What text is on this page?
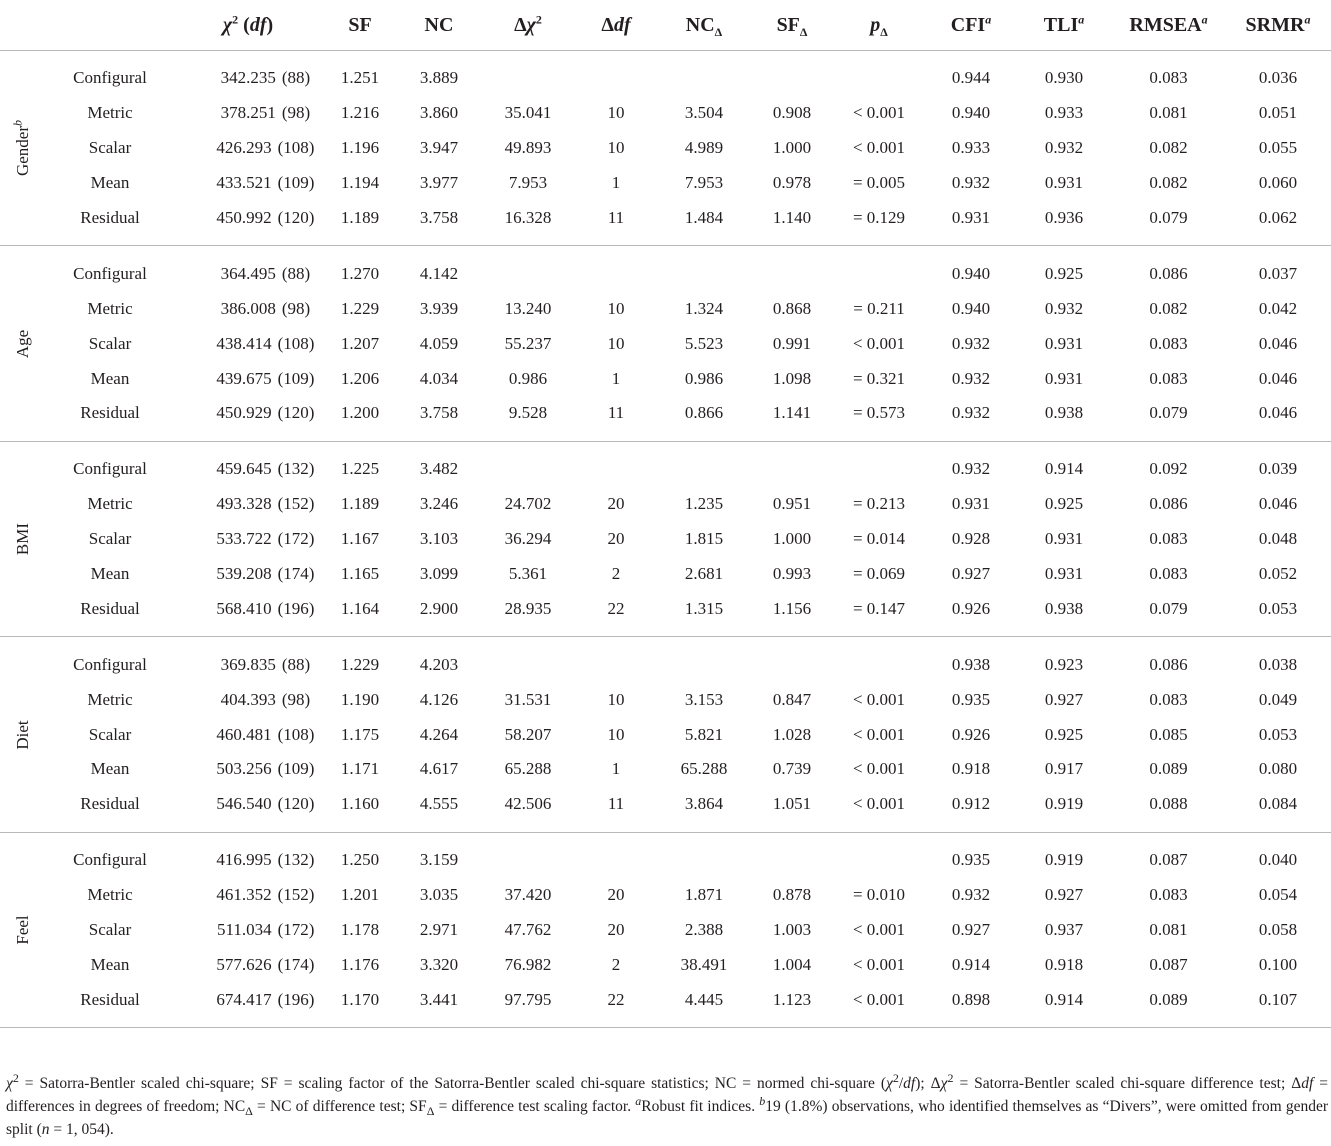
		$\chi^2$ (df)	SF	NC	$\Delta\chi^2$	Δdf	$NC_\Delta$	$SF_\Delta$	$p_\Delta$	CFI$^a$	TLI$^a$	RMSEA$^a$	SRMR$^a$

Gender$^b$	Configural	342.235 (88)	1.251	3.889						0.944	0.930	0.083	0.036
	Metric	378.251 (98)	1.216	3.860	35.041	10	3.504	0.908	< 0.001	0.940	0.933	0.081	0.051
	Scalar	426.293 (108)	1.196	3.947	49.893	10	4.989	1.000	< 0.001	0.933	0.932	0.082	0.055
	Mean	433.521 (109)	1.194	3.977	7.953	1	7.953	0.978	= 0.005	0.932	0.931	0.082	0.060
	Residual	450.992 (120)	1.189	3.758	16.328	11	1.484	1.140	= 0.129	0.931	0.936	0.079	0.062

Age	Configural	364.495 (88)	1.270	4.142						0.940	0.925	0.086	0.037
	Metric	386.008 (98)	1.229	3.939	13.240	10	1.324	0.868	= 0.211	0.940	0.932	0.082	0.042
	Scalar	438.414 (108)	1.207	4.059	55.237	10	5.523	0.991	< 0.001	0.932	0.931	0.083	0.046
	Mean	439.675 (109)	1.206	4.034	0.986	1	0.986	1.098	= 0.321	0.932	0.931	0.083	0.046
	Residual	450.929 (120)	1.200	3.758	9.528	11	0.866	1.141	= 0.573	0.932	0.938	0.079	0.046

BMI	Configural	459.645 (132)	1.225	3.482						0.932	0.914	0.092	0.039
	Metric	493.328 (152)	1.189	3.246	24.702	20	1.235	0.951	= 0.213	0.931	0.925	0.086	0.046
	Scalar	533.722 (172)	1.167	3.103	36.294	20	1.815	1.000	= 0.014	0.928	0.931	0.083	0.048
	Mean	539.208 (174)	1.165	3.099	5.361	2	2.681	0.993	= 0.069	0.927	0.931	0.083	0.052
	Residual	568.410 (196)	1.164	2.900	28.935	22	1.315	1.156	= 0.147	0.926	0.938	0.079	0.053

Diet	Configural	369.835 (88)	1.229	4.203						0.938	0.923	0.086	0.038
	Metric	404.393 (98)	1.190	4.126	31.531	10	3.153	0.847	< 0.001	0.935	0.927	0.083	0.049
	Scalar	460.481 (108)	1.175	4.264	58.207	10	5.821	1.028	< 0.001	0.926	0.925	0.085	0.053
	Mean	503.256 (109)	1.171	4.617	65.288	1	65.288	0.739	< 0.001	0.918	0.917	0.089	0.080
	Residual	546.540 (120)	1.160	4.555	42.506	11	3.864	1.051	< 0.001	0.912	0.919	0.088	0.084

Feel	Configural	416.995 (132)	1.250	3.159						0.935	0.919	0.087	0.040
	Metric	461.352 (152)	1.201	3.035	37.420	20	1.871	0.878	= 0.010	0.932	0.927	0.083	0.054
	Scalar	511.034 (172)	1.178	2.971	47.762	20	2.388	1.003	< 0.001	0.927	0.937	0.081	0.058
	Mean	577.626 (174)	1.176	3.320	76.982	2	38.491	1.004	< 0.001	0.914	0.918	0.087	0.100
	Residual	674.417 (196)	1.170	3.441	97.795	22	4.445	1.123	< 0.001	0.898	0.914	0.089	0.107
$\chi^2$ = Satorra-Bentler scaled chi-square; SF = scaling factor of the Satorra-Bentler scaled chi-square statistics; NC = normed chi-square $(\chi^2/df)$; $\Delta\chi^2$ = Satorra-Bentler scaled chi-square difference test; Δdf = differences in degrees of freedom; $NC_\Delta$ = NC of difference test; $SF_\Delta$ = difference test scaling factor. $^a$Robust fit indices. $^b$19 (1.8%) observations, who identified themselves as “Divers”, were omitted from gender split (n = 1, 054).
